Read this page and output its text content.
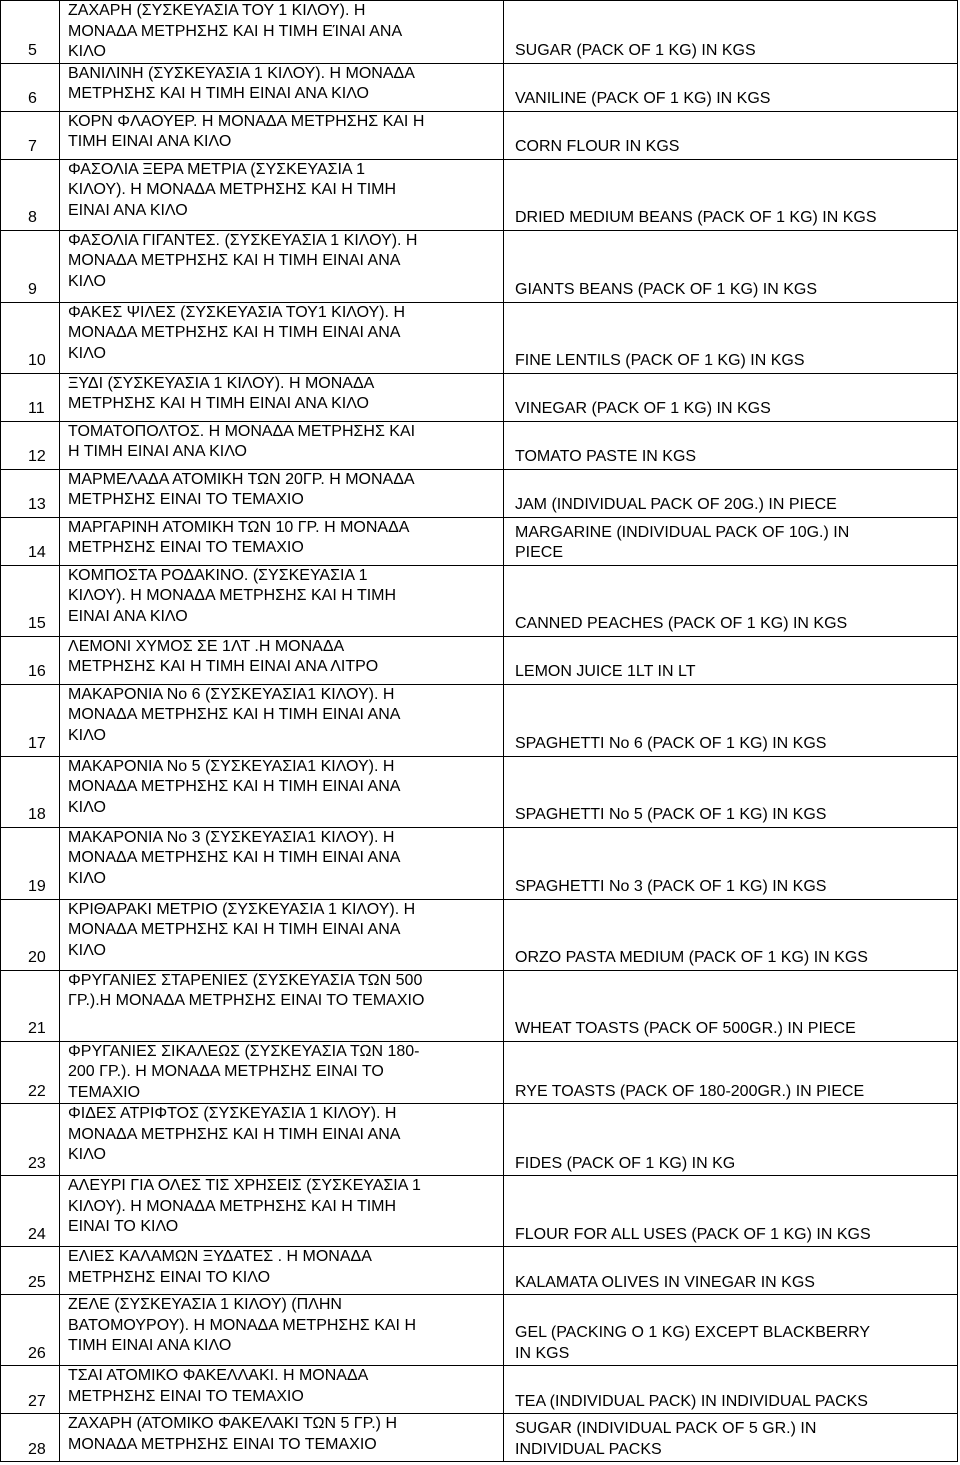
5	ΖΑΧΑΡΗ (ΣΥΣΚΕΥΑΣΙΑ ΤΟΥ 1 ΚΙΛΟΥ). Η
ΜΟΝΑΔΑ ΜΕΤΡΗΣΗΣ ΚΑΙ Η ΤΙΜΗ ΕΊΝΑΙ ΑΝΑ
ΚΙΛΟ	SUGAR (PACK OF 1 KG) IN KGS

6	ΒΑΝΙΛΙΝΗ (ΣΥΣΚΕΥΑΣΙΑ 1 ΚΙΛΟΥ). Η ΜΟΝΑΔΑ
ΜΕΤΡΗΣΗΣ ΚΑΙ Η ΤΙΜΗ ΕΙΝΑΙ ΑΝΑ ΚΙΛΟ	VANILINE (PACK OF 1 KG) IN KGS

7	ΚΟΡΝ ΦΛΑΟΥΕΡ. Η ΜΟΝΑΔΑ ΜΕΤΡΗΣΗΣ ΚΑΙ Η
ΤΙΜΗ ΕΙΝΑΙ ΑΝΑ ΚΙΛΟ	CORN FLOUR IN KGS

8	ΦΑΣΟΛΙΑ ΞΕΡΑ ΜΕΤΡΙΑ (ΣΥΣΚΕΥΑΣΙΑ 1
ΚΙΛΟΥ). Η ΜΟΝΑΔΑ ΜΕΤΡΗΣΗΣ ΚΑΙ Η ΤΙΜΗ
ΕΙΝΑΙ ΑΝΑ ΚΙΛΟ	DRIED MEDIUM BEANS (PACK OF 1 KG) IN KGS

9	ΦΑΣΟΛΙΑ ΓΙΓΑΝΤΕΣ. (ΣΥΣΚΕΥΑΣΙΑ 1 ΚΙΛΟΥ). Η
ΜΟΝΑΔΑ ΜΕΤΡΗΣΗΣ ΚΑΙ Η ΤΙΜΗ ΕΙΝΑΙ ΑΝΑ
ΚΙΛΟ	GIANTS BEANS (PACK OF 1 KG) IN KGS

10	ΦΑΚΕΣ ΨΙΛΕΣ (ΣΥΣΚΕΥΑΣΙΑ ΤΟΥ1 ΚΙΛΟΥ). Η
ΜΟΝΑΔΑ ΜΕΤΡΗΣΗΣ ΚΑΙ Η ΤΙΜΗ ΕΙΝΑΙ ΑΝΑ
ΚΙΛΟ	FINE LENTILS (PACK OF 1 KG) IN KGS

11	ΞΥΔΙ (ΣΥΣΚΕΥΑΣΙΑ 1 ΚΙΛΟΥ). Η ΜΟΝΑΔΑ
ΜΕΤΡΗΣΗΣ ΚΑΙ Η ΤΙΜΗ ΕΙΝΑΙ ΑΝΑ ΚΙΛΟ	VINEGAR (PACK OF 1 KG) IN KGS

12	ΤΟΜΑΤΟΠΟΛΤΟΣ. Η ΜΟΝΑΔΑ ΜΕΤΡΗΣΗΣ ΚΑΙ
Η ΤΙΜΗ ΕΙΝΑΙ ΑΝΑ ΚΙΛΟ	TOMATO PASTE IN KGS

13	ΜΑΡΜΕΛΑΔΑ ΑΤΟΜΙΚΗ ΤΩΝ 20ΓΡ. Η ΜΟΝΑΔΑ
ΜΕΤΡΗΣΗΣ ΕΙΝΑΙ ΤΟ ΤΕΜΑΧΙΟ	JAM (INDIVIDUAL PACK OF 20G.) IN PIECE

14	ΜΑΡΓΑΡΙΝΗ ΑΤΟΜΙΚΗ ΤΩΝ 10 ΓΡ. Η ΜΟΝΑΔΑ
ΜΕΤΡΗΣΗΣ ΕΙΝΑΙ ΤΟ ΤΕΜΑΧΙΟ	MARGARINE (INDIVIDUAL PACK OF 10G.) IN
PIECE

15	ΚΟΜΠΟΣΤΑ ΡΟΔΑΚΙΝΟ. (ΣΥΣΚΕΥΑΣΙΑ 1
ΚΙΛΟΥ). Η ΜΟΝΑΔΑ ΜΕΤΡΗΣΗΣ ΚΑΙ Η ΤΙΜΗ
ΕΙΝΑΙ ΑΝΑ ΚΙΛΟ	CANNED PEACHES (PACK OF 1 KG) IN KGS

16	ΛΕΜΟΝΙ ΧΥΜΟΣ ΣΕ 1ΛΤ .Η ΜΟΝΑΔΑ
ΜΕΤΡΗΣΗΣ ΚΑΙ Η ΤΙΜΗ ΕΙΝΑΙ ΑΝΑ ΛΙΤΡΟ	LEMON JUICE 1LT IN LT

17	ΜΑΚΑΡΟΝΙΑ Νο 6 (ΣΥΣΚΕΥΑΣΙΑ1 ΚΙΛΟΥ). Η
ΜΟΝΑΔΑ ΜΕΤΡΗΣΗΣ ΚΑΙ Η ΤΙΜΗ ΕΙΝΑΙ ΑΝΑ
ΚΙΛΟ	SPAGHETTI No 6 (PACK OF 1 KG) IN KGS

18	ΜΑΚΑΡΟΝΙΑ Νο 5 (ΣΥΣΚΕΥΑΣΙΑ1 ΚΙΛΟΥ). Η
ΜΟΝΑΔΑ ΜΕΤΡΗΣΗΣ ΚΑΙ Η ΤΙΜΗ ΕΙΝΑΙ ΑΝΑ
ΚΙΛΟ	SPAGHETTI No 5 (PACK OF 1 KG) IN KGS

19	ΜΑΚΑΡΟΝΙΑ Νο 3 (ΣΥΣΚΕΥΑΣΙΑ1 ΚΙΛΟΥ). Η
ΜΟΝΑΔΑ ΜΕΤΡΗΣΗΣ ΚΑΙ Η ΤΙΜΗ ΕΙΝΑΙ ΑΝΑ
ΚΙΛΟ	SPAGHETTI No 3 (PACK OF 1 KG) IN KGS

20	ΚΡΙΘΑΡΑΚΙ ΜΕΤΡΙΟ (ΣΥΣΚΕΥΑΣΙΑ 1 ΚΙΛΟΥ). Η
ΜΟΝΑΔΑ ΜΕΤΡΗΣΗΣ ΚΑΙ Η ΤΙΜΗ ΕΙΝΑΙ ΑΝΑ
ΚΙΛΟ	ORZO PASTA MEDIUM (PACK OF 1 KG) IN KGS

21	ΦΡΥΓΑΝΙΕΣ ΣΤΑΡΕΝΙΕΣ (ΣΥΣΚΕΥΑΣΙΑ ΤΩΝ 500
ΓΡ.).Η ΜΟΝΑΔΑ ΜΕΤΡΗΣΗΣ ΕΙΝΑΙ ΤΟ ΤΕΜΑΧΙΟ	WHEAT TOASTS (PACK OF 500GR.) IN PIECE

22	ΦΡΥΓΑΝΙΕΣ ΣΙΚΑΛΕΩΣ (ΣΥΣΚΕΥΑΣΙΑ ΤΩΝ 180-
200 ΓΡ.). Η ΜΟΝΑΔΑ ΜΕΤΡΗΣΗΣ ΕΙΝΑΙ ΤΟ
ΤΕΜΑΧΙΟ	RYE TOASTS (PACK OF 180-200GR.) IN PIECE

23	ΦΙΔΕΣ ΑΤΡΙΦΤΟΣ (ΣΥΣΚΕΥΑΣΙΑ 1 ΚΙΛΟΥ). Η
ΜΟΝΑΔΑ ΜΕΤΡΗΣΗΣ ΚΑΙ Η ΤΙΜΗ ΕΙΝΑΙ ΑΝΑ
ΚΙΛΟ	FIDES (PACK OF 1 KG) IN KG

24	ΑΛΕΥΡΙ ΓΙΑ ΟΛΕΣ ΤΙΣ ΧΡΗΣΕΙΣ (ΣΥΣΚΕΥΑΣΙΑ 1
ΚΙΛΟΥ). Η ΜΟΝΑΔΑ ΜΕΤΡΗΣΗΣ ΚΑΙ Η ΤΙΜΗ
ΕΙΝΑΙ ΤΟ ΚΙΛΟ	FLOUR FOR ALL USES (PACK OF 1 KG) IN KGS

25	ΕΛΙΕΣ ΚΑΛΑΜΩΝ ΞΥΔΑΤΕΣ . Η ΜΟΝΑΔΑ
ΜΕΤΡΗΣΗΣ ΕΙΝΑΙ ΤΟ ΚΙΛΟ	KALAMATA OLIVES IN VINEGAR IN KGS

26	ΖΕΛΕ (ΣΥΣΚΕΥΑΣΙΑ 1 ΚΙΛΟΥ) (ΠΛΗΝ
ΒΑΤΟΜΟΥΡΟΥ). Η ΜΟΝΑΔΑ ΜΕΤΡΗΣΗΣ ΚΑΙ Η
ΤΙΜΗ ΕΙΝΑΙ ΑΝΑ ΚΙΛΟ	GEL (PACKING O 1 KG) EXCEPT BLACKBERRY
IN KGS

27	ΤΣΑΙ ΑΤΟΜΙΚΟ ΦΑΚΕΛΛΑΚΙ. Η ΜΟΝΑΔΑ
ΜΕΤΡΗΣΗΣ ΕΙΝΑΙ ΤΟ ΤΕΜΑΧΙΟ	TEA (INDIVIDUAL PACK) IN INDIVIDUAL PACKS

28	ΖΑΧΑΡΗ (ΑΤΟΜΙΚΟ ΦΑΚΕΛΑΚΙ ΤΩΝ 5 ΓΡ.) Η
ΜΟΝΑΔΑ ΜΕΤΡΗΣΗΣ ΕΙΝΑΙ ΤΟ ΤΕΜΑΧΙΟ	SUGAR (INDIVIDUAL PACK OF 5 GR.) IN
INDIVIDUAL PACKS
